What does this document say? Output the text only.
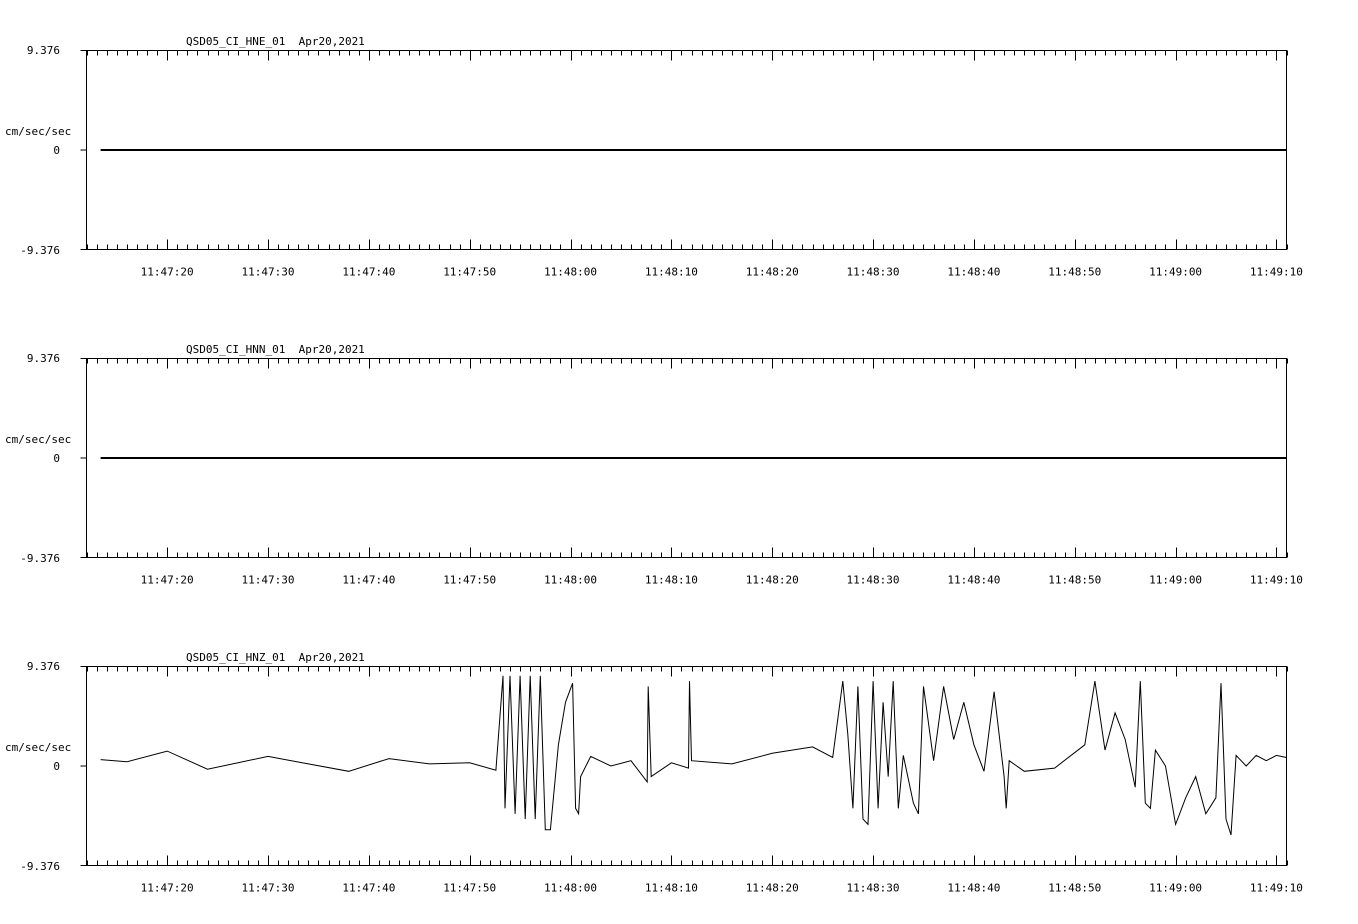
QSD05_CI_HNE_01  Apr20,2021
cm/sec/sec
9.376
0
-9.376
11:47:20	11:47:30	11:47:40	11:47:50	11:48:00	11:48:10	11:48:20	11:48:30	11:48:40	11:48:50	11:49:00	11:49:10
QSD05_CI_HNN_01  Apr20,2021
cm/sec/sec
9.376
0
-9.376
11:47:20	11:47:30	11:47:40	11:47:50	11:48:00	11:48:10	11:48:20	11:48:30	11:48:40	11:48:50	11:49:00	11:49:10
QSD05_CI_HNZ_01  Apr20,2021
cm/sec/sec
9.376
0
-9.376
11:47:20	11:47:30	11:47:40	11:47:50	11:48:00	11:48:10	11:48:20	11:48:30	11:48:40	11:48:50	11:49:00	11:49:10
